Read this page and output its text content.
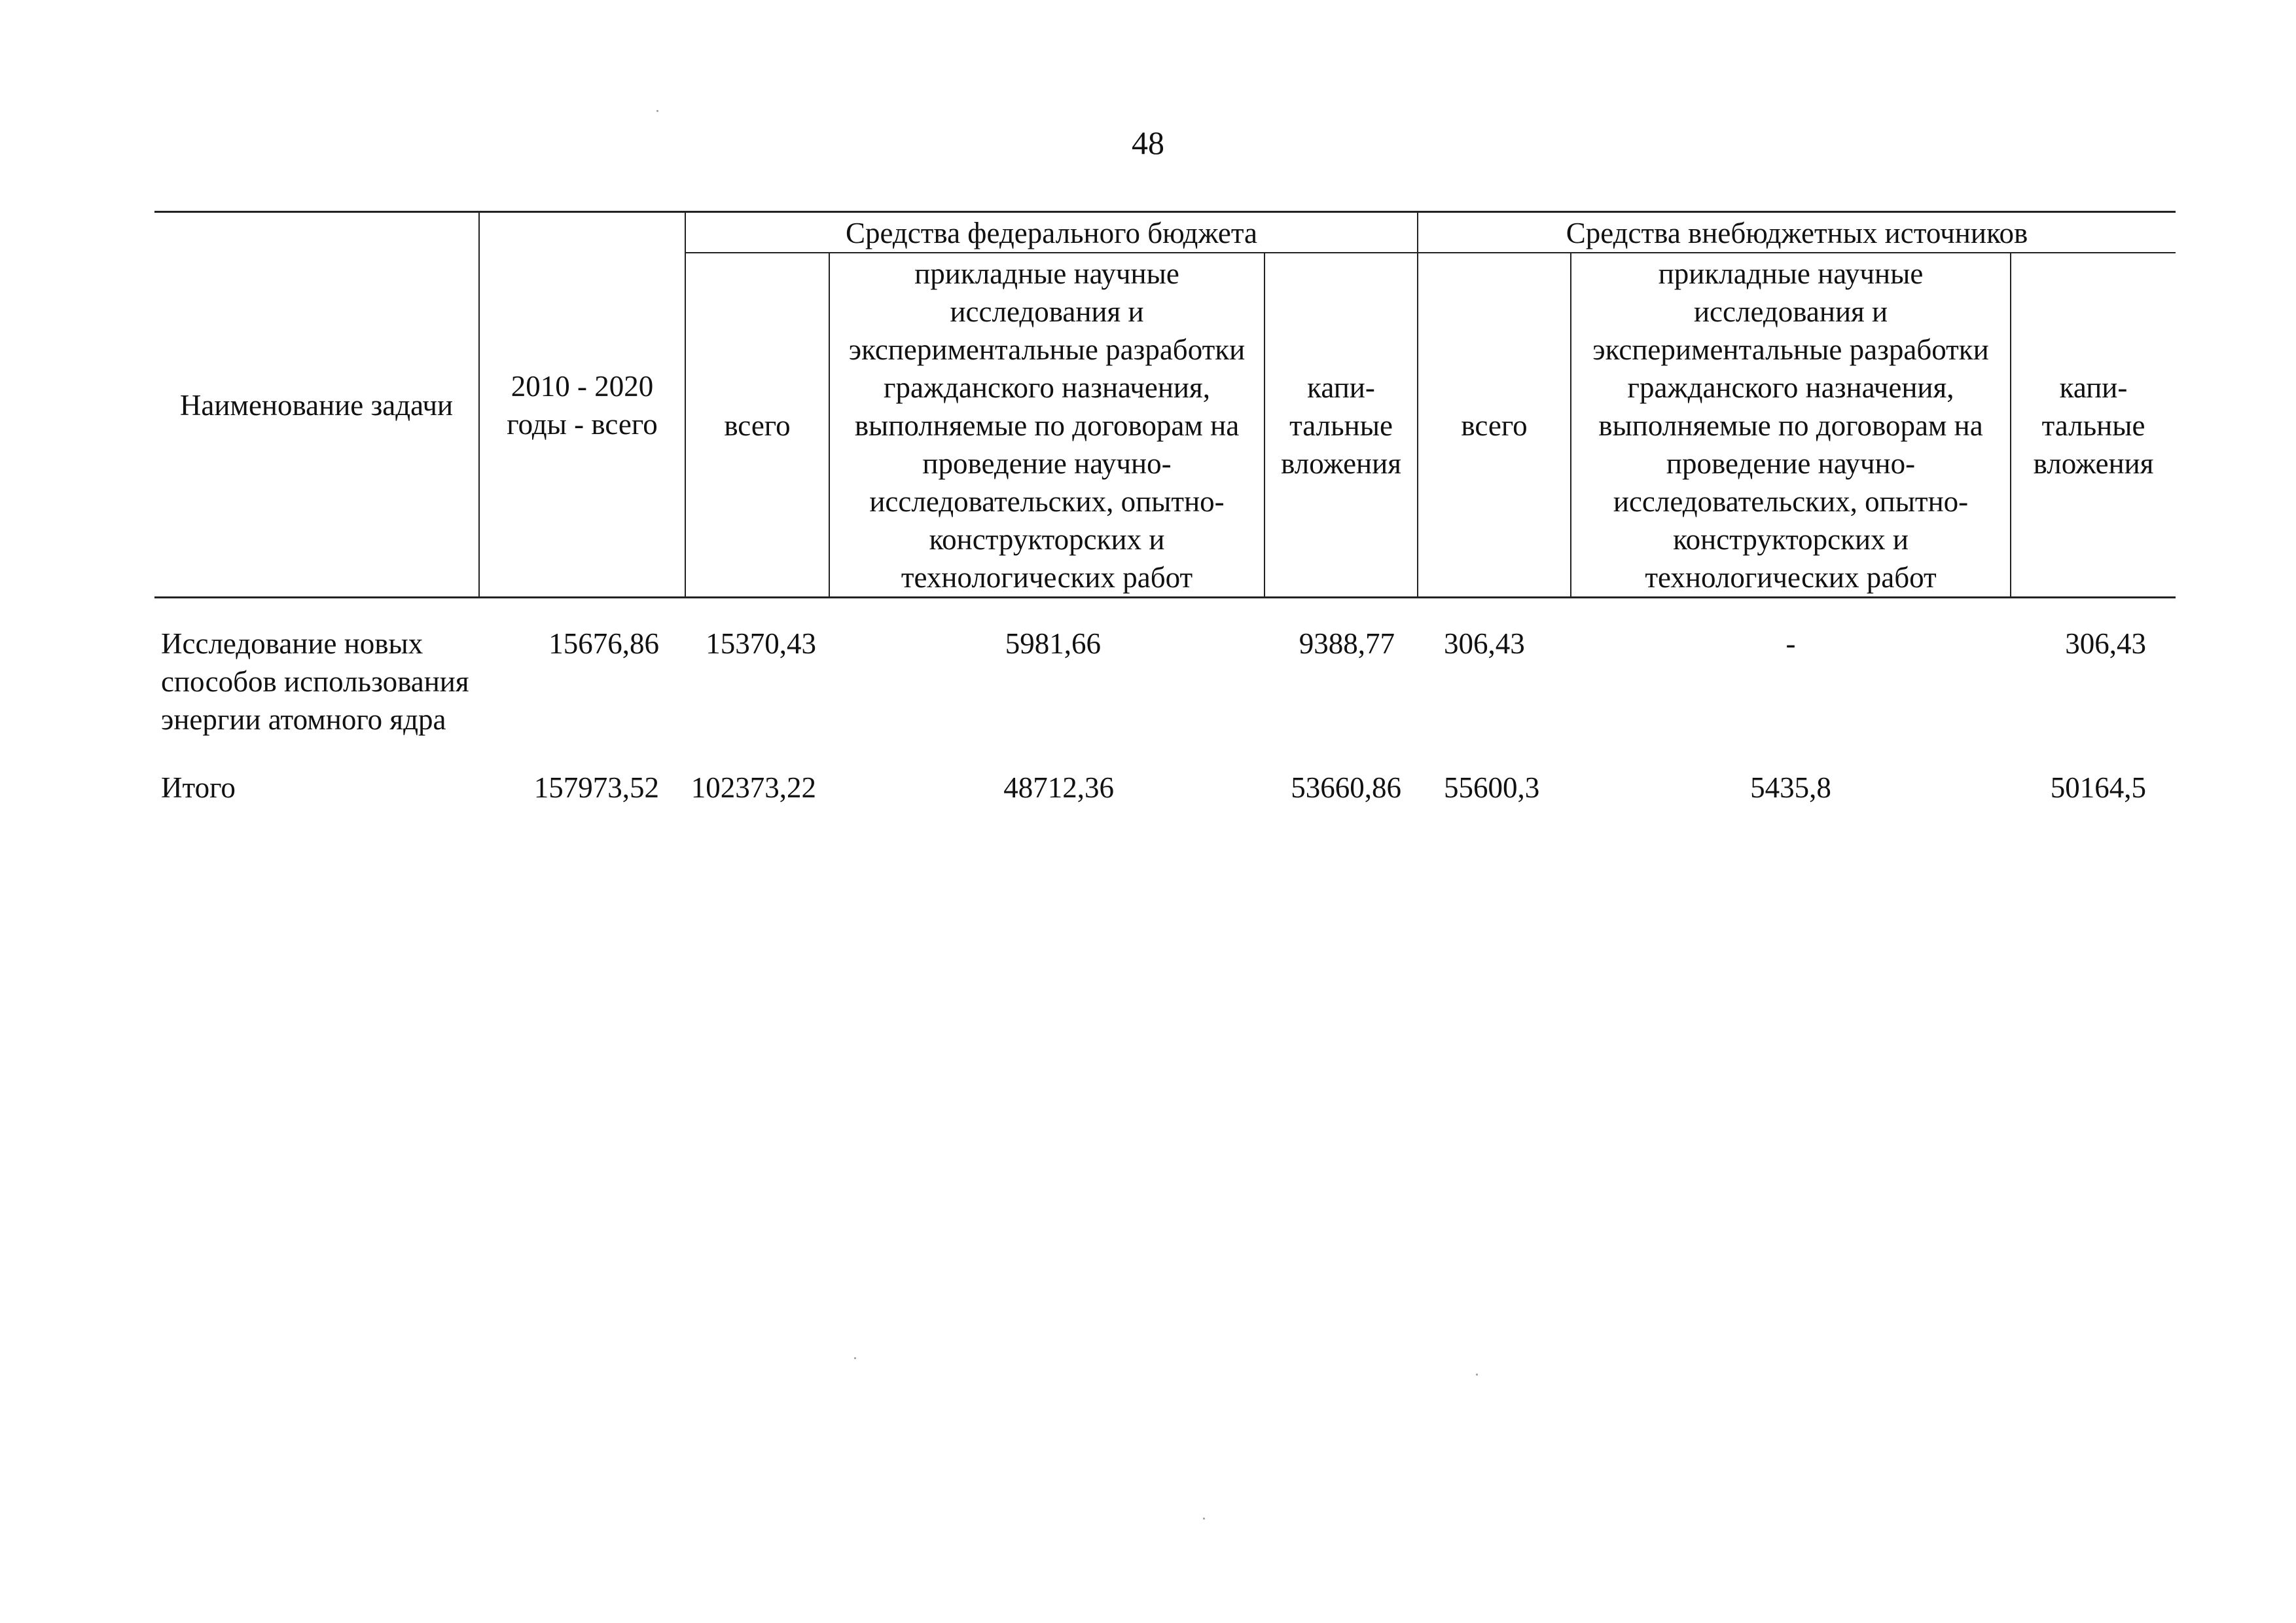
48
Наименование задачи	2010 - 2020 годы - всего	Средства федерального бюджета			Средства внебюджетных источников		
		всего	прикладные научные исследования и экспериментальные разработки гражданского назначения, выполняемые по договорам на проведение научно-исследовательских, опытно-конструкторских и технологических работ	капи-тальные вложения	всего	прикладные научные исследования и экспериментальные разработки гражданского назначения, выполняемые по договорам на проведение научно-исследовательских, опытно-конструкторских и технологических работ	капи-тальные вложения
Исследование новых способов использования энергии атомного ядра	15676,86	15370,43	5981,66	9388,77	306,43	-	306,43
Итого	157973,52	102373,22	48712,36	53660,86	55600,3	5435,8	50164,5
